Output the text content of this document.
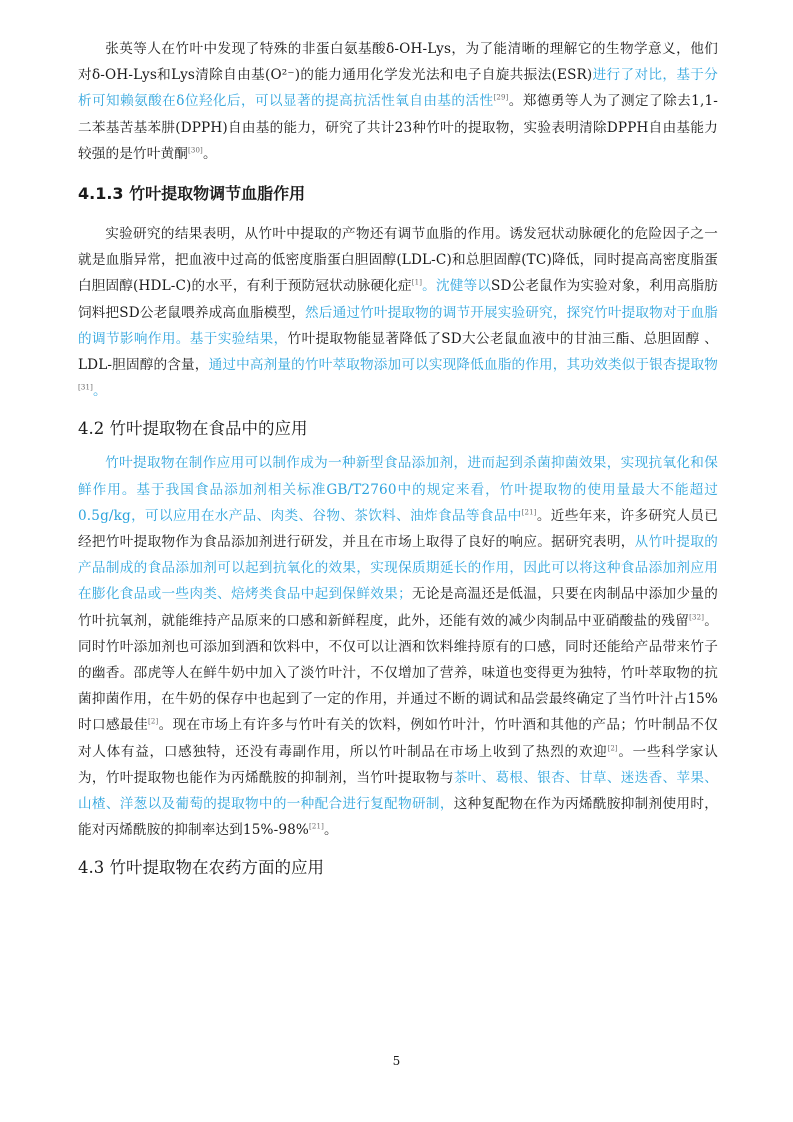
张英等人在竹叶中发现了特殊的非蛋白氨基酸δ-OH-Lys，为了能清晰的理解它的生物学意义，他们对δ-OH-Lys和Lys清除自由基(O²⁻)的能力通用化学发光法和电子自旋共振法(ESR)进行了对比，基于分析可知赖氨酸在δ位羟化后，可以显著的提高抗活性氧自由基的活性[29]。郑德勇等人为了测定了除去1,1-二苯基苦基苯肼(DPPH)自由基的能力，研究了共计23种竹叶的提取物，实验表明清除DPPH自由基能力较强的是竹叶黄酮[30]。

4.1.3 竹叶提取物调节血脂作用

实验研究的结果表明，从竹叶中提取的产物还有调节血脂的作用。诱发冠状动脉硬化的危险因子之一就是血脂异常，把血液中过高的低密度脂蛋白胆固醇(LDL-C)和总胆固醇(TC)降低，同时提高高密度脂蛋白胆固醇(HDL-C)的水平，有利于预防冠状动脉硬化症[1]。沈健等以SD公老鼠作为实验对象，利用高脂肪饲料把SD公老鼠喂养成高血脂模型，然后通过竹叶提取物的调节开展实验研究，探究竹叶提取物对于血脂的调节影响作用。基于实验结果，竹叶提取物能显著降低了SD大公老鼠血液中的甘油三酯、总胆固醇 、LDL-胆固醇的含量，通过中高剂量的竹叶萃取物添加可以实现降低血脂的作用，其功效类似于银杏提取物[31]。

4.2 竹叶提取物在食品中的应用

竹叶提取物在制作应用可以制作成为一种新型食品添加剂，进而起到杀菌抑菌效果，实现抗氧化和保鲜作用。基于我国食品添加剂相关标准GB/T2760中的规定来看，竹叶提取物的使用量最大不能超过0.5g/kg，可以应用在水产品、肉类、谷物、茶饮料、油炸食品等食品中[21]。近些年来，许多研究人员已经把竹叶提取物作为食品添加剂进行研发，并且在市场上取得了良好的响应。据研究表明，从竹叶提取的产品制成的食品添加剂可以起到抗氧化的效果，实现保质期延长的作用，因此可以将这种食品添加剂应用在膨化食品或一些肉类、焙烤类食品中起到保鲜效果；无论是高温还是低温，只要在肉制品中添加少量的竹叶抗氧剂，就能维持产品原来的口感和新鲜程度，此外，还能有效的减少肉制品中亚硝酸盐的残留[32]。同时竹叶添加剂也可添加到酒和饮料中，不仅可以让酒和饮料维持原有的口感，同时还能给产品带来竹子的幽香。邵虎等人在鲜牛奶中加入了淡竹叶汁，不仅增加了营养，味道也变得更为独特，竹叶萃取物的抗菌抑菌作用，在牛奶的保存中也起到了一定的作用，并通过不断的调试和品尝最终确定了当竹叶汁占15%时口感最佳[2]。现在市场上有许多与竹叶有关的饮料，例如竹叶汁，竹叶酒和其他的产品；竹叶制品不仅对人体有益，口感独特，还没有毒副作用，所以竹叶制品在市场上收到了热烈的欢迎[2]。一些科学家认为，竹叶提取物也能作为丙烯酰胺的抑制剂，当竹叶提取物与茶叶、葛根、银杏、甘草、迷迭香、苹果、山楂、洋葱以及葡萄的提取物中的一种配合进行复配物研制，这种复配物在作为丙烯酰胺抑制剂使用时，能对丙烯酰胺的抑制率达到15%-98%[21]。

4.3 竹叶提取物在农药方面的应用
5
